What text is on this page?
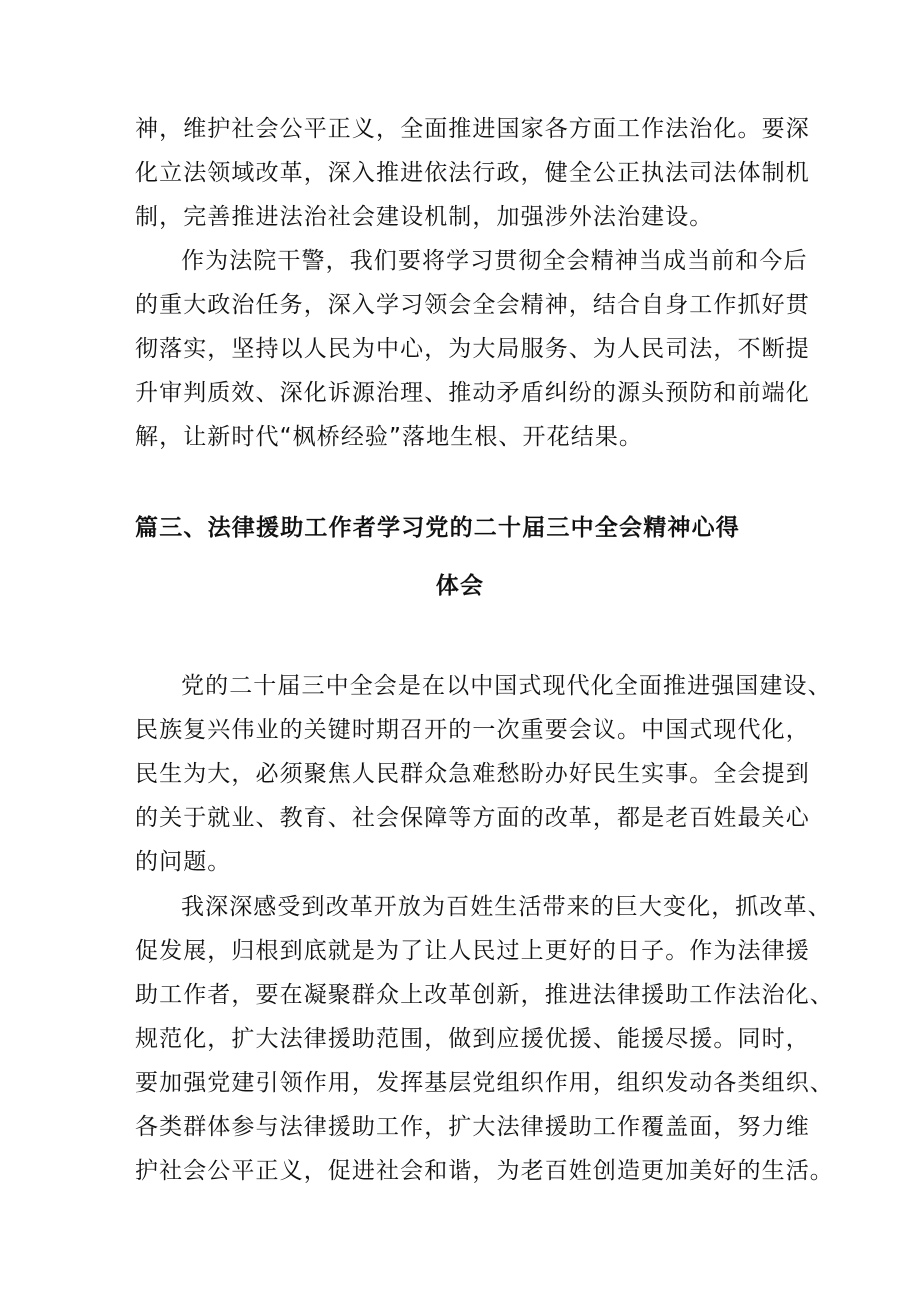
神，维护社会公平正义，全面推进国家各方面工作法治化。要深
化立法领域改革，深入推进依法行政，健全公正执法司法体制机
制，完善推进法治社会建设机制，加强涉外法治建设。
作为法院干警，我们要将学习贯彻全会精神当成当前和今后
的重大政治任务，深入学习领会全会精神，结合自身工作抓好贯
彻落实，坚持以人民为中心，为大局服务、为人民司法，不断提
升审判质效、深化诉源治理、推动矛盾纠纷的源头预防和前端化
解，让新时代“枫桥经验”落地生根、开花结果。
篇三、法律援助工作者学习党的二十届三中全会精神心得
体会
党的二十届三中全会是在以中国式现代化全面推进强国建设、
民族复兴伟业的关键时期召开的一次重要会议。中国式现代化，
民生为大，必须聚焦人民群众急难愁盼办好民生实事。全会提到
的关于就业、教育、社会保障等方面的改革，都是老百姓最关心
的问题。
我深深感受到改革开放为百姓生活带来的巨大变化，抓改革、
促发展，归根到底就是为了让人民过上更好的日子。作为法律援
助工作者，要在凝聚群众上改革创新，推进法律援助工作法治化、
规范化，扩大法律援助范围，做到应援优援、能援尽援。同时，
要加强党建引领作用，发挥基层党组织作用，组织发动各类组织、
各类群体参与法律援助工作，扩大法律援助工作覆盖面，努力维
护社会公平正义，促进社会和谐，为老百姓创造更加美好的生活。
